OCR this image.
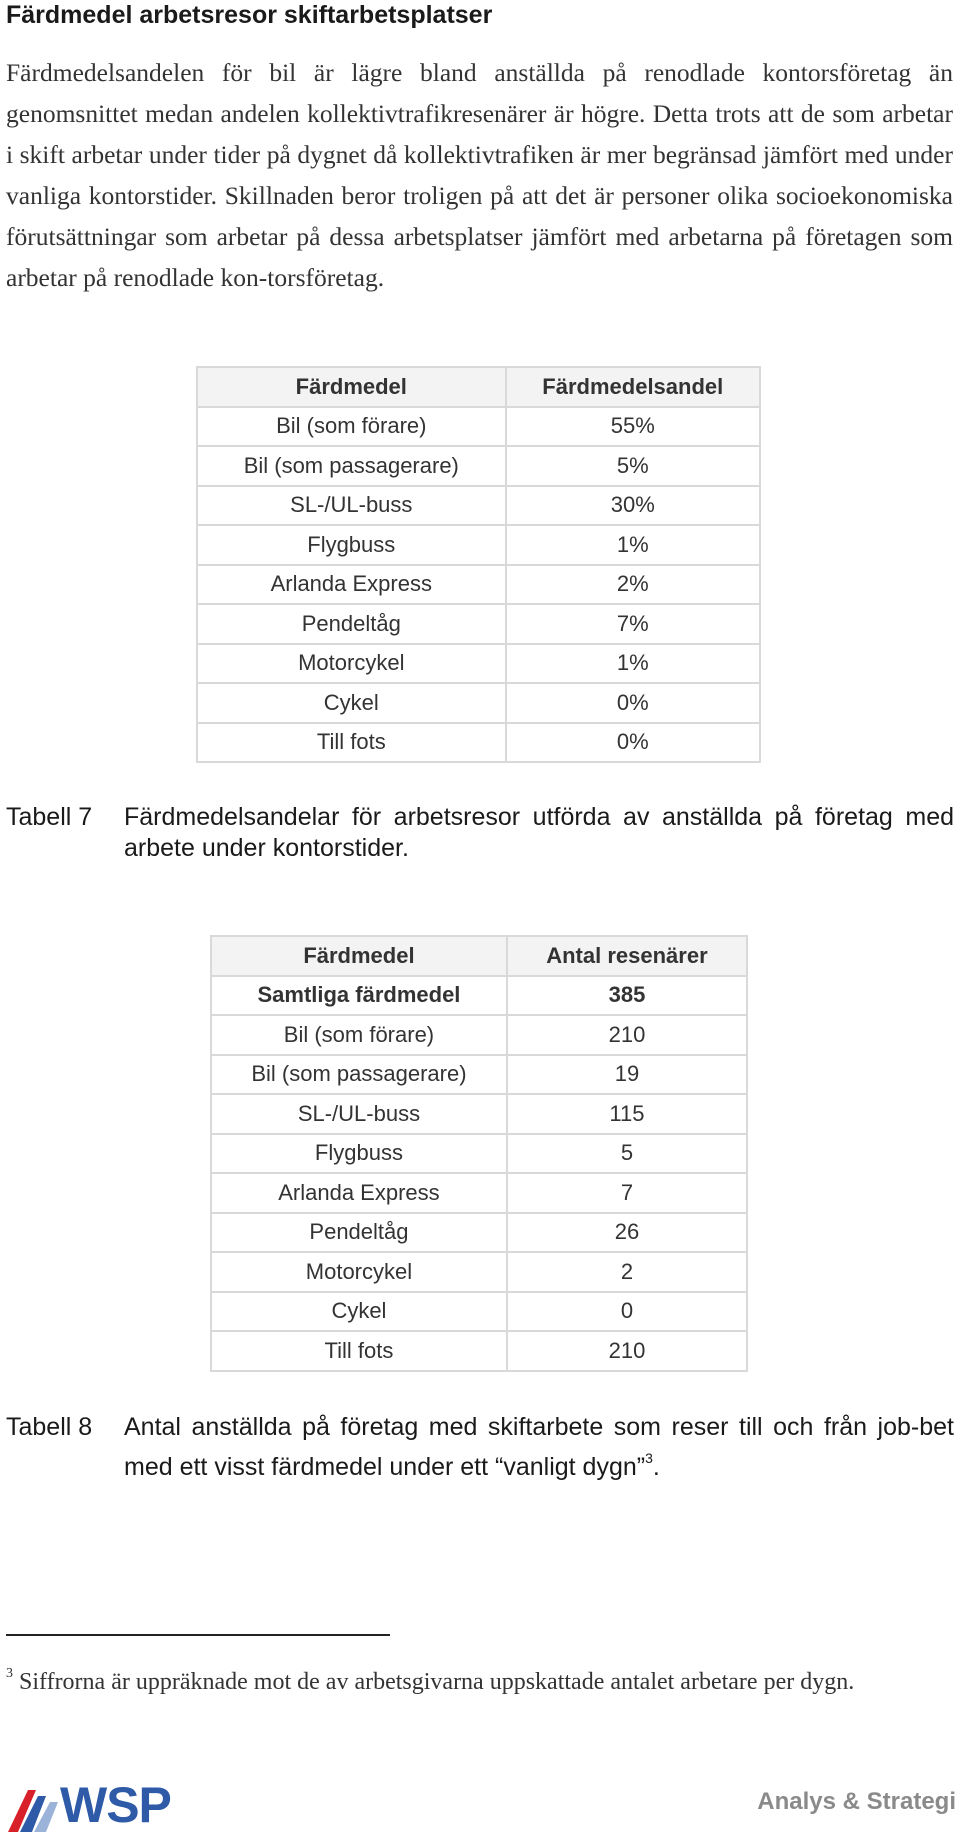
Färdmedel arbetsresor skiftarbetsplatser
Färdmedelsandelen för bil är lägre bland anställda på renodlade kontorsföretag än genomsnittet medan andelen kollektivtrafikresenärer är högre. Detta trots att de som arbetar i skift arbetar under tider på dygnet då kollektivtrafiken är mer begränsad jämfört med under vanliga kontorstider. Skillnaden beror troligen på att det är personer olika socioekonomiska förutsättningar som arbetar på dessa arbetsplatser jämfört med arbetarna på företagen som arbetar på renodlade kon-torsföretag.
Färdmedel	Färdmedelsandel
Bil (som förare)	55%
Bil (som passagerare)	5%
SL-/UL-buss	30%
Flygbuss	1%
Arlanda Express	2%
Pendeltåg	7%
Motorcykel	1%
Cykel	0%
Till fots	0%
Tabell 7 Färdmedelsandelar för arbetsresor utförda av anställda på företag med arbete under kontorstider.
Färdmedel	Antal resenärer
Samtliga färdmedel	385
Bil (som förare)	210
Bil (som passagerare)	19
SL-/UL-buss	115
Flygbuss	5
Arlanda Express	7
Pendeltåg	26
Motorcykel	2
Cykel	0
Till fots	210
Tabell 8 Antal anställda på företag med skiftarbete som reser till och från job-bet med ett visst färdmedel under ett “vanligt dygn”$^3$.
$^3$ Siffrorna är uppräknade mot de av arbetsgivarna uppskattade antalet arbetare per dygn.
WSP	Analys & Strategi
